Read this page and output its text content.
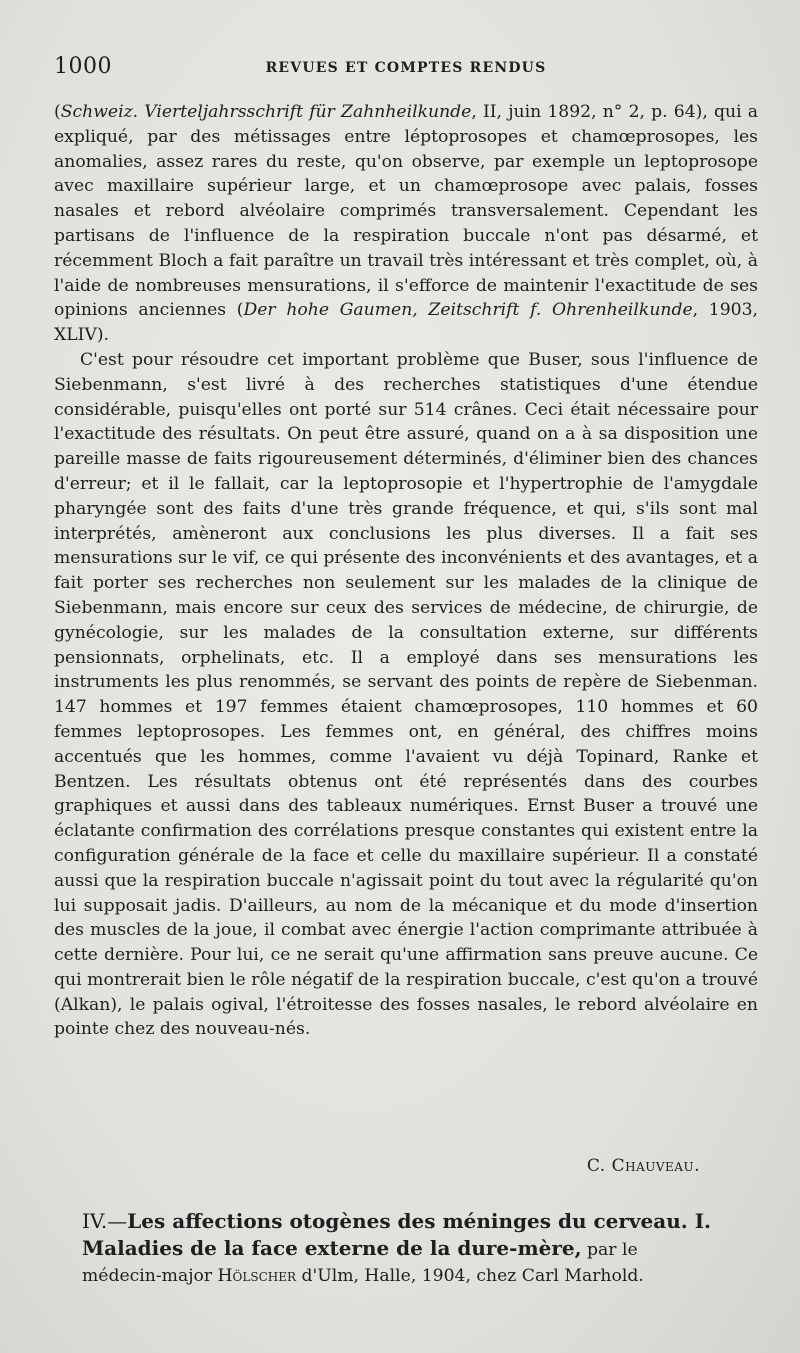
1000	REVUES ET COMPTES RENDUS

(Schweiz. Vierteljahrsschrift für Zahnheilkunde, II, juin 1892, n° 2, p. 64), qui a expliqué, par des métissages entre léptoprosopes et chamœprosopes, les anomalies, assez rares du reste, qu'on observe, par exemple un leptoprosope avec maxillaire supérieur large, et un chamœprosope avec palais, fosses nasales et rebord alvéolaire comprimés transversalement. Cependant les partisans de l'influence de la respiration buccale n'ont pas désarmé, et récemment Bloch a fait paraître un travail très intéressant et très complet, où, à l'aide de nombreuses mensurations, il s'efforce de maintenir l'exactitude de ses opinions anciennes (Der hohe Gaumen, Zeitschrift f. Ohrenheilkunde, 1903, XLIV).

C'est pour résoudre cet important problème que Buser, sous l'influence de Siebenmann, s'est livré à des recherches statistiques d'une étendue considérable, puisqu'elles ont porté sur 514 crânes. Ceci était nécessaire pour l'exactitude des résultats. On peut être assuré, quand on a à sa disposition une pareille masse de faits rigoureusement déterminés, d'éliminer bien des chances d'erreur; et il le fallait, car la leptoprosopie et l'hypertrophie de l'amygdale pharyngée sont des faits d'une très grande fréquence, et qui, s'ils sont mal interprétés, amèneront aux conclusions les plus diverses. Il a fait ses mensurations sur le vif, ce qui présente des inconvénients et des avantages, et a fait porter ses recherches non seulement sur les malades de la clinique de Siebenmann, mais encore sur ceux des services de médecine, de chirurgie, de gynécologie, sur les malades de la consultation externe, sur différents pensionnats, orphelinats, etc. Il a employé dans ses mensurations les instruments les plus renommés, se servant des points de repère de Siebenman. 147 hommes et 197 femmes étaient chamœprosopes, 110 hommes et 60 femmes leptoprosopes. Les femmes ont, en général, des chiffres moins accentués que les hommes, comme l'avaient vu déjà Topinard, Ranke et Bentzen. Les résultats obtenus ont été représentés dans des courbes graphiques et aussi dans des tableaux numériques. Ernst Buser a trouvé une éclatante confirmation des corrélations presque constantes qui existent entre la configuration générale de la face et celle du maxillaire supérieur. Il a constaté aussi que la respiration buccale n'agissait point du tout avec la régularité qu'on lui supposait jadis. D'ailleurs, au nom de la mécanique et du mode d'insertion des muscles de la joue, il combat avec énergie l'action comprimante attribuée à cette dernière. Pour lui, ce ne serait qu'une affirmation sans preuve aucune. Ce qui montrerait bien le rôle négatif de la respiration buccale, c'est qu'on a trouvé (Alkan), le palais ogival, l'étroitesse des fosses nasales, le rebord alvéolaire en pointe chez des nouveau-nés.

C. Chauveau.
IV.—Les affections otogènes des méninges du cerveau. I. Maladies de la face externe de la dure-mère, par le
médecin-major Hölscher d'Ulm, Halle, 1904, chez Carl Marhold.
